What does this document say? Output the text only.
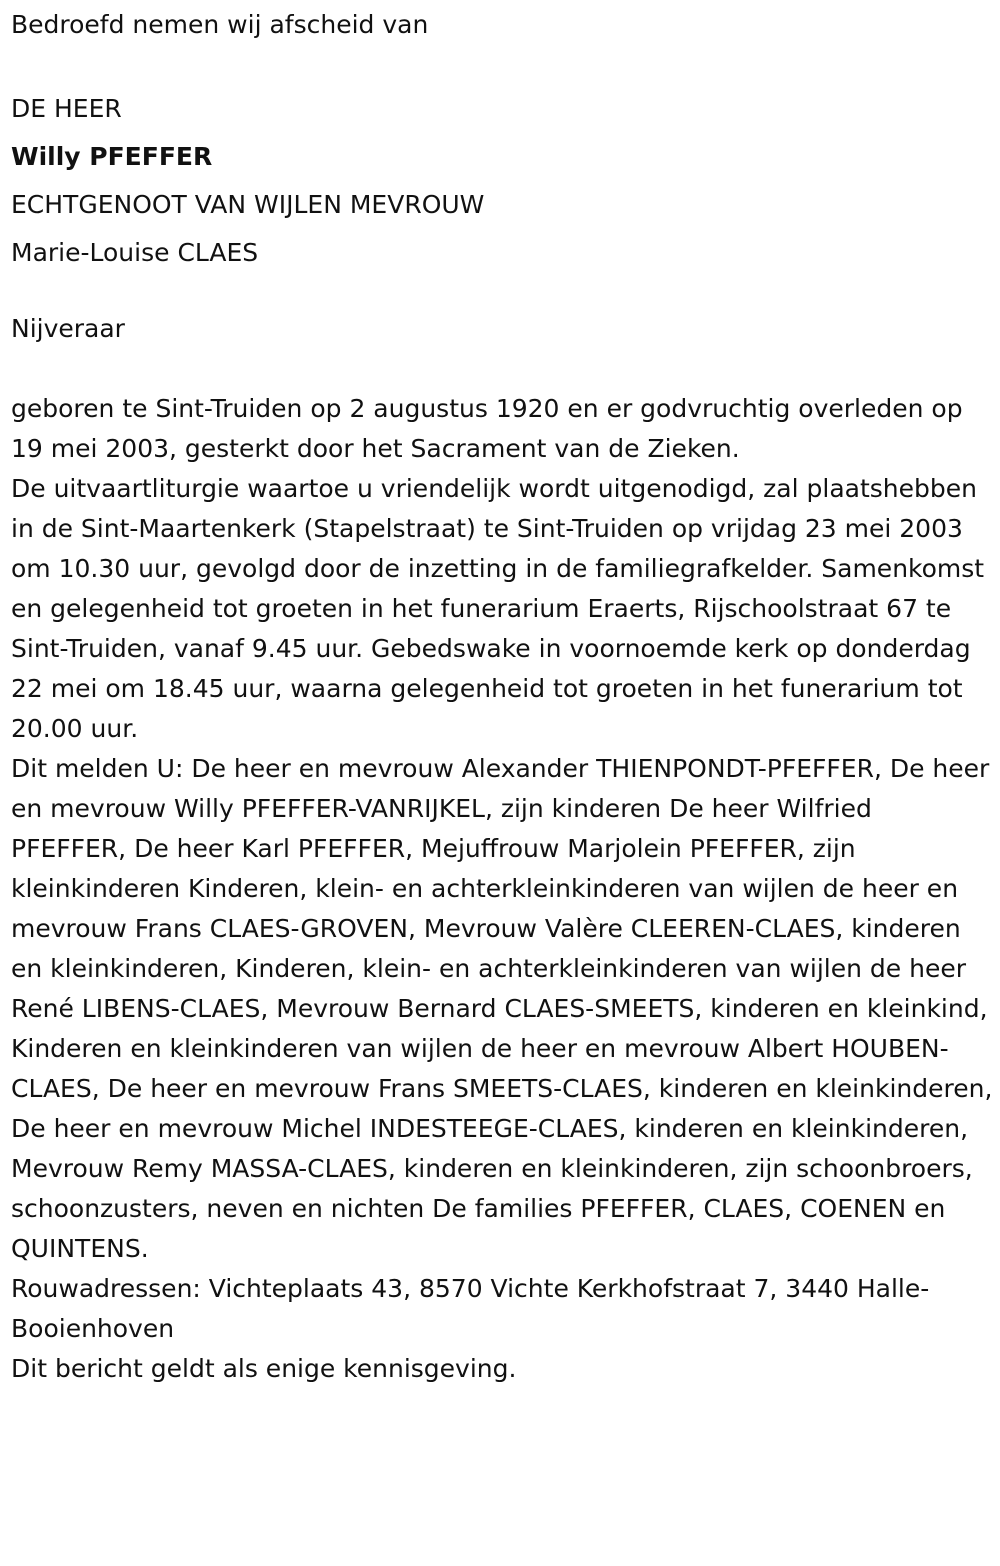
Bedroefd nemen wij afscheid van

DE HEER

Willy PFEFFER

ECHTGENOOT VAN WIJLEN MEVROUW

Marie-Louise CLAES

Nijveraar

geboren te Sint-Truiden op 2 augustus 1920 en er godvruchtig overleden op 19 mei 2003, gesterkt door het Sacrament van de Zieken.

De uitvaartliturgie waartoe u vriendelijk wordt uitgenodigd, zal plaatshebben in de Sint-Maartenkerk (Stapelstraat) te Sint-Truiden op vrijdag 23 mei 2003 om 10.30 uur, gevolgd door de inzetting in de familiegrafkelder. Samenkomst en gelegenheid tot groeten in het funerarium Eraerts, Rijschoolstraat 67 te Sint-Truiden, vanaf 9.45 uur. Gebedswake in voornoemde kerk op donderdag 22 mei om 18.45 uur, waarna gelegenheid tot groeten in het funerarium tot 20.00 uur.

Dit melden U: De heer en mevrouw Alexander THIENPONDT-PFEFFER, De heer en mevrouw Willy PFEFFER-VANRIJKEL, zijn kinderen De heer Wilfried PFEFFER, De heer Karl PFEFFER, Mejuffrouw Marjolein PFEFFER, zijn kleinkinderen Kinderen, klein- en achterkleinkinderen van wijlen de heer en mevrouw Frans CLAES-GROVEN, Mevrouw Valère CLEEREN-CLAES, kinderen en kleinkinderen, Kinderen, klein- en achterkleinkinderen van wijlen de heer René LIBENS-CLAES, Mevrouw Bernard CLAES-SMEETS, kinderen en kleinkind, Kinderen en kleinkinderen van wijlen de heer en mevrouw Albert HOUBEN-CLAES, De heer en mevrouw Frans SMEETS-CLAES, kinderen en kleinkinderen, De heer en mevrouw Michel INDESTEEGE-CLAES, kinderen en kleinkinderen, Mevrouw Remy MASSA-CLAES, kinderen en kleinkinderen, zijn schoonbroers, schoonzusters, neven en nichten De families PFEFFER, CLAES, COENEN en QUINTENS.

Rouwadressen: Vichteplaats 43, 8570 Vichte Kerkhofstraat 7, 3440 Halle-Booienhoven

Dit bericht geldt als enige kennisgeving.
